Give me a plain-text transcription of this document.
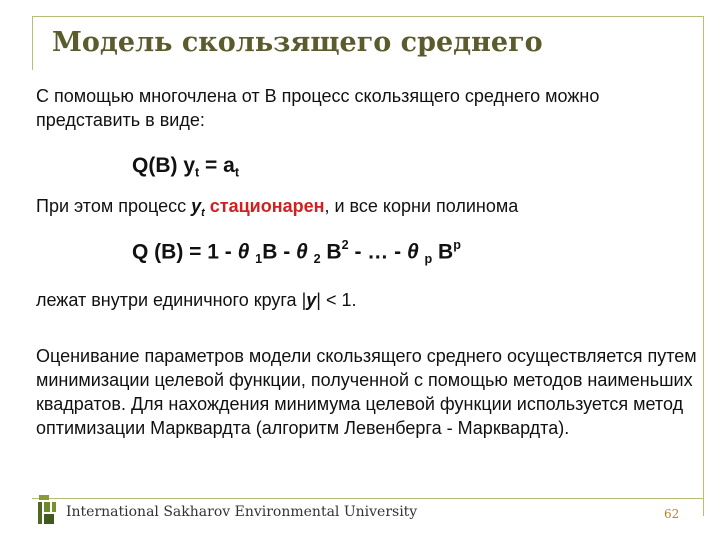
Модель скользящего среднего
С помощью многочлена от B процесс скользящего среднего можно представить в виде:
Q(B) $y_t = a_t$
При этом процесс $y_t$ стационарен, и все корни полинома
Q (B) = 1 - θ $_1$B - θ $_2$ $B^2$ - … - θ $_p$ $B^p$
лежат внутри единичного круга |y| < 1.
Оценивание параметров модели скользящего среднего осуществляется путем минимизации целевой функции, полученной с помощью методов наименьших квадратов. Для нахождения минимума целевой функции используется метод оптимизации Марквардта (алгоритм Левенберга - Марквардта).
International Sakharov Environmental University	62
